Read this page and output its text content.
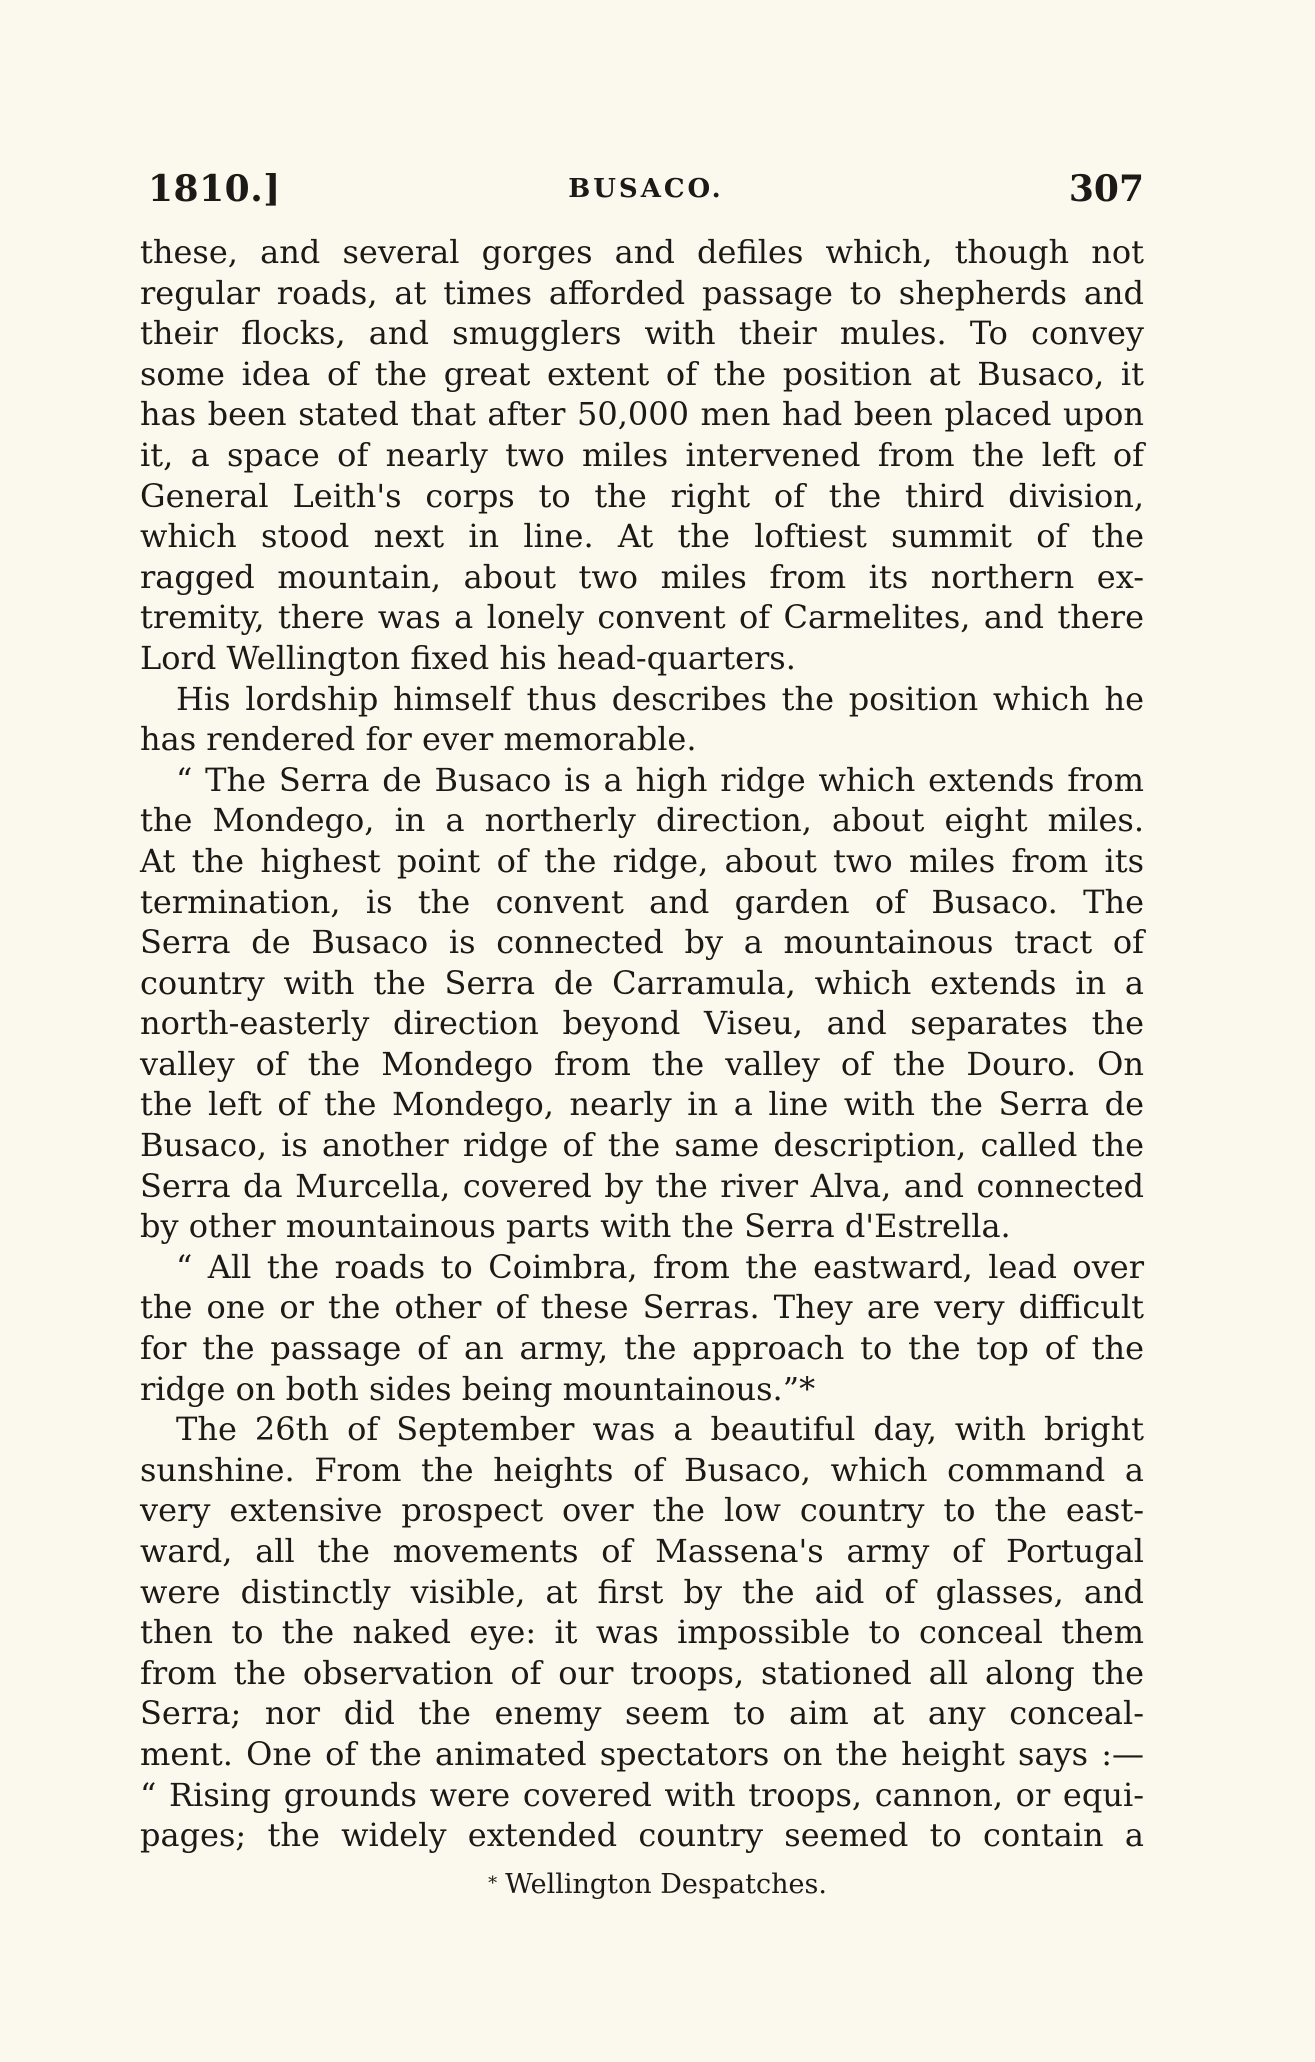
1810.]	BUSACO.	307
these, and several gorges and defiles which, though not
regular roads, at times afforded passage to shepherds and
their flocks, and smugglers with their mules. To convey
some idea of the great extent of the position at Busaco, it
has been stated that after 50,000 men had been placed upon
it, a space of nearly two miles intervened from the left of
General Leith's corps to the right of the third division,
which stood next in line. At the loftiest summit of the
ragged mountain, about two miles from its northern ex-
tremity, there was a lonely convent of Carmelites, and there
Lord Wellington fixed his head-quarters.
His lordship himself thus describes the position which he
has rendered for ever memorable.
“ The Serra de Busaco is a high ridge which extends from
the Mondego, in a northerly direction, about eight miles.
At the highest point of the ridge, about two miles from its
termination, is the convent and garden of Busaco. The
Serra de Busaco is connected by a mountainous tract of
country with the Serra de Carramula, which extends in a
north-easterly direction beyond Viseu, and separates the
valley of the Mondego from the valley of the Douro. On
the left of the Mondego, nearly in a line with the Serra de
Busaco, is another ridge of the same description, called the
Serra da Murcella, covered by the river Alva, and connected
by other mountainous parts with the Serra d'Estrella.
“ All the roads to Coimbra, from the eastward, lead over
the one or the other of these Serras. They are very difficult
for the passage of an army, the approach to the top of the
ridge on both sides being mountainous.”*
The 26th of September was a beautiful day, with bright
sunshine. From the heights of Busaco, which command a
very extensive prospect over the low country to the east-
ward, all the movements of Massena's army of Portugal
were distinctly visible, at first by the aid of glasses, and
then to the naked eye: it was impossible to conceal them
from the observation of our troops, stationed all along the
Serra; nor did the enemy seem to aim at any conceal-
ment. One of the animated spectators on the height says :—
“ Rising grounds were covered with troops, cannon, or equi-
pages; the widely extended country seemed to contain a
* Wellington Despatches.
